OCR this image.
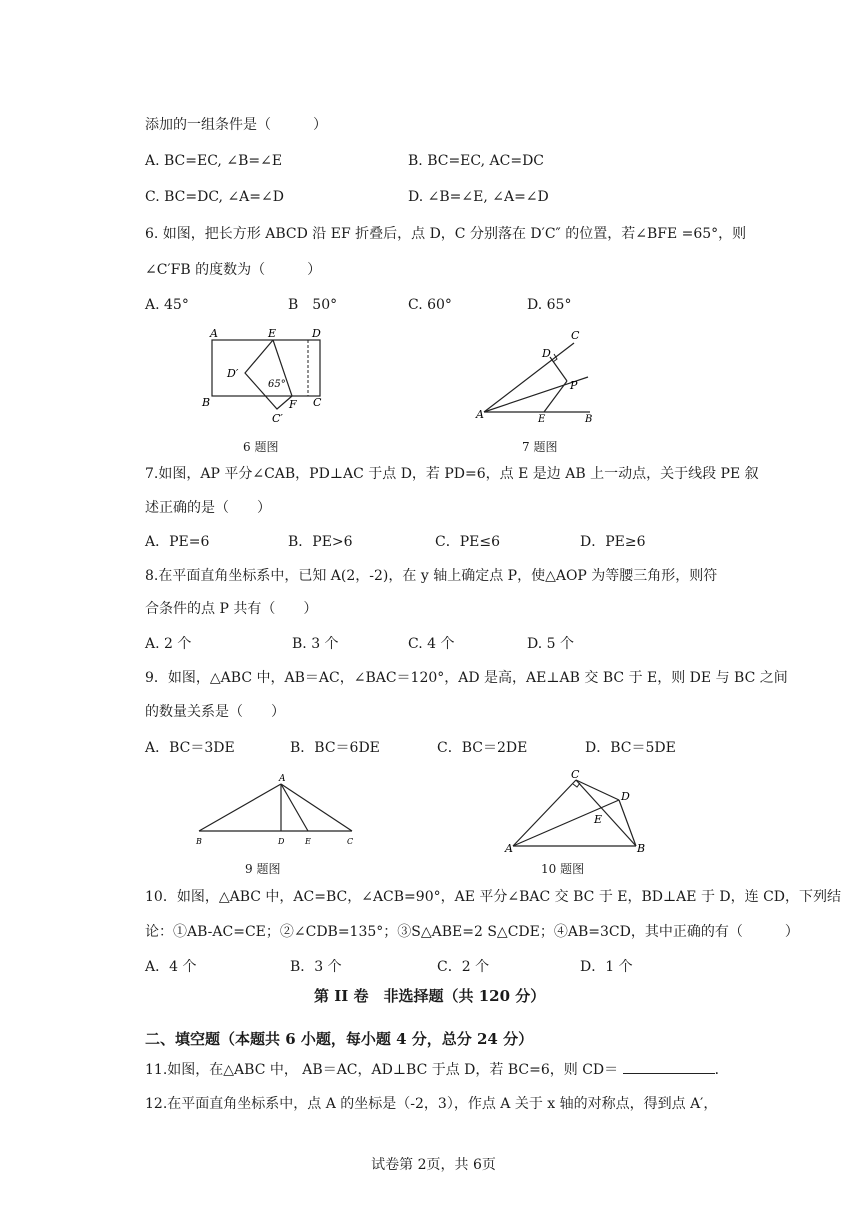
添加的一组条件是（　　　）
A. BC=EC, ∠B=∠E	B. BC=EC, AC=DC
C. BC=DC, ∠A=∠D	D. ∠B=∠E, ∠A=∠D
6. 如图，把长方形 ABCD 沿 EF 折叠后，点 D，C 分别落在 D′C″ 的位置，若∠BFE =65°，则
∠C′FB 的度数为（　　　）
A. 45°	B　50°	C. 60°	D. 65°
A	E	D
D′
65°
B	F C
C′
6 题图
C
D
P
A	E	B
7 题图
7.如图，AP 平分∠CAB，PD⊥AC 于点 D，若 PD=6，点 E 是边 AB 上一动点，关于线段 PE 叙
述正确的是（　　）
A．PE=6	B．PE>6	C．PE≤6	D．PE≥6
8.在平面直角坐标系中，已知 A(2，-2)，在 y 轴上确定点 P，使△AOP 为等腰三角形，则符
合条件的点 P 共有（　　）
A. 2 个	B. 3 个	C. 4 个	D. 5 个
9．如图，△ABC 中，AB＝AC，∠BAC＝120°，AD 是高，AE⊥AB 交 BC 于 E，则 DE 与 BC 之间
的数量关系是（　　）
A．BC＝3DE	B．BC＝6DE	C．BC＝2DE	D．BC＝5DE
A
B	D	E	C
9 题图
C
D
E
A	B
10 题图
10．如图，△ABC 中，AC=BC，∠ACB=90°，AE 平分∠BAC 交 BC 于 E，BD⊥AE 于 D，连 CD，下列结
论：①AB-AC=CE；②∠CDB=135°；③S△ABE=2 S△CDE；④AB=3CD，其中正确的有（　　　）
A．4 个	B．3 个	C．2 个	D．1 个
第 II 卷　非选择题（共 120 分）
二、填空题（本题共 6 小题，每小题 4 分，总分 24 分）
11.如图，在△ABC 中， AB＝AC，AD⊥BC 于点 D，若 BC=6，则 CD＝	．
12.在平面直角坐标系中，点 A 的坐标是（-2，3），作点 A 关于 x 轴的对称点，得到点 A′，
试卷第 2页，共 6页
